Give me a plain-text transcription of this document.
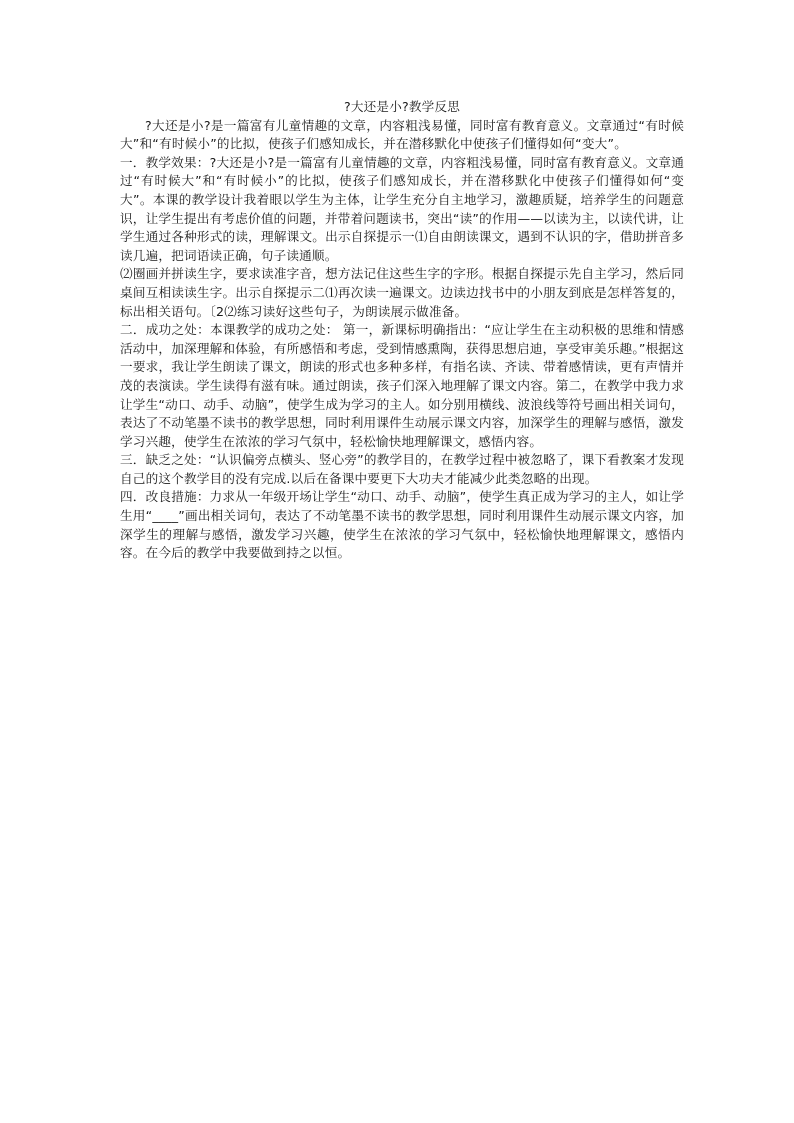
?大还是小?教学反思

?大还是小?是一篇富有儿童情趣的文章，内容粗浅易懂，同时富有教育意义。文章通过“有时候大”和“有时候小”的比拟，使孩子们感知成长，并在潜移默化中使孩子们懂得如何“变大”。

一．教学效果：?大还是小?是一篇富有儿童情趣的文章，内容粗浅易懂，同时富有教育意义。文章通过“有时候大”和“有时候小”的比拟，使孩子们感知成长，并在潜移默化中使孩子们懂得如何“变大”。本课的教学设计我着眼以学生为主体，让学生充分自主地学习，激趣质疑，培养学生的问题意识，让学生提出有考虑价值的问题，并带着问题读书，突出“读”的作用——以读为主，以读代讲，让学生通过各种形式的读，理解课文。出示自探提示一⑴自由朗读课文，遇到不认识的字，借助拼音多读几遍，把词语读正确，句子读通顺。

⑵圈画并拼读生字，要求读准字音，想方法记住这些生字的字形。根据自探提示先自主学习，然后同桌间互相读读生字。出示自探提示二⑴再次读一遍课文。边读边找书中的小朋友到底是怎样答复的，标出相关语句。〔2⑵练习读好这些句子，为朗读展示做准备。

二．成功之处：本课教学的成功之处： 第一，新课标明确指出：“应让学生在主动积极的思维和情感活动中，加深理解和体验，有所感悟和考虑，受到情感熏陶，获得思想启迪，享受审美乐趣。”根据这一要求，我让学生朗读了课文，朗读的形式也多种多样，有指名读、齐读、带着感情读，更有声情并茂的表演读。学生读得有滋有味。通过朗读，孩子们深入地理解了课文内容。第二，在教学中我力求让学生“动口、动手、动脑”，使学生成为学习的主人。如分别用横线、波浪线等符号画出相关词句，表达了不动笔墨不读书的教学思想，同时利用课件生动展示课文内容，加深学生的理解与感悟，激发学习兴趣，使学生在浓浓的学习气氛中，轻松愉快地理解课文，感悟内容。

三．缺乏之处：“认识偏旁点横头、竖心旁”的教学目的，在教学过程中被忽略了，课下看教案才发现自己的这个教学目的没有完成.以后在备课中要更下大功夫才能减少此类忽略的出现。

四．改良措施：力求从一年级开场让学生“动口、动手、动脑”，使学生真正成为学习的主人，如让学生用“____”画出相关词句，表达了不动笔墨不读书的教学思想，同时利用课件生动展示课文内容，加深学生的理解与感悟，激发学习兴趣，使学生在浓浓的学习气氛中，轻松愉快地理解课文，感悟内容。在今后的教学中我要做到持之以恒。
